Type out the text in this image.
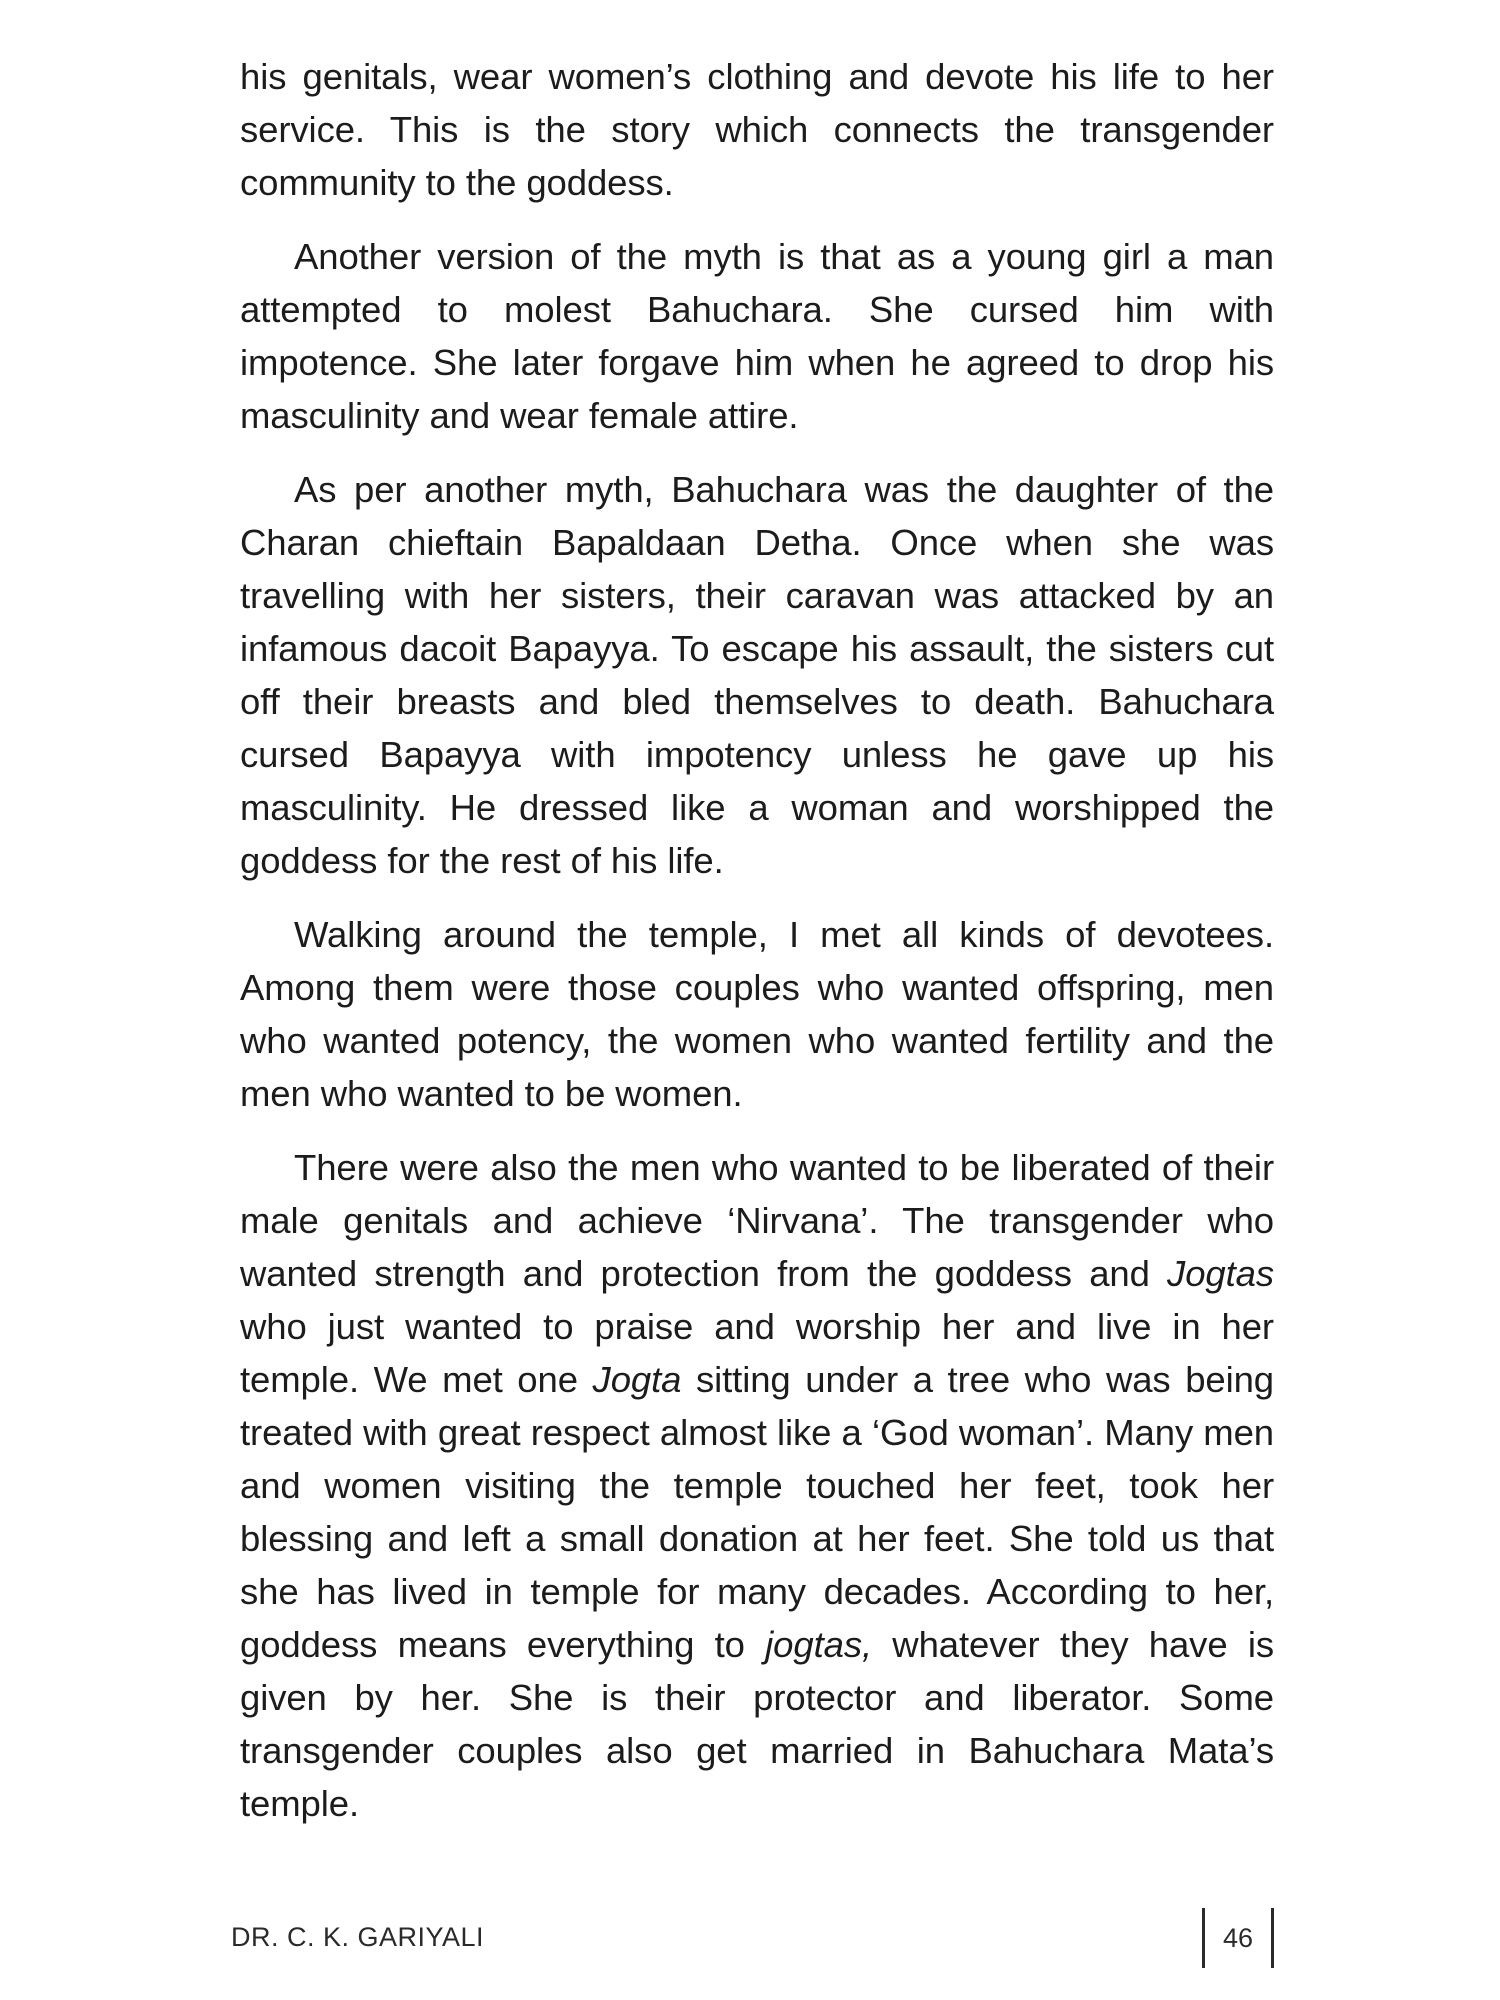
his genitals, wear women’s clothing and devote his life to her service. This is the story which connects the transgender community to the goddess.

Another version of the myth is that as a young girl a man attempted to molest Bahuchara. She cursed him with impotence. She later forgave him when he agreed to drop his masculinity and wear female attire.

As per another myth, Bahuchara was the daughter of the Charan chieftain Bapaldaan Detha. Once when she was travelling with her sisters, their caravan was attacked by an infamous dacoit Bapayya. To escape his assault, the sisters cut off their breasts and bled themselves to death. Bahuchara cursed Bapayya with impotency unless he gave up his masculinity. He dressed like a woman and worshipped the goddess for the rest of his life.

Walking around the temple, I met all kinds of devotees. Among them were those couples who wanted offspring, men who wanted potency, the women who wanted fertility and the men who wanted to be women.

There were also the men who wanted to be liberated of their male genitals and achieve ‘Nirvana’. The transgender who wanted strength and protection from the goddess and Jogtas who just wanted to praise and worship her and live in her temple. We met one Jogta sitting under a tree who was being treated with great respect almost like a ‘God woman’. Many men and women visiting the temple touched her feet, took her blessing and left a small donation at her feet. She told us that she has lived in temple for many decades. According to her, goddess means everything to jogtas, whatever they have is given by her. She is their protector and liberator. Some transgender couples also get married in Bahuchara Mata’s temple.

DR. C. K. GARIYALI	46
